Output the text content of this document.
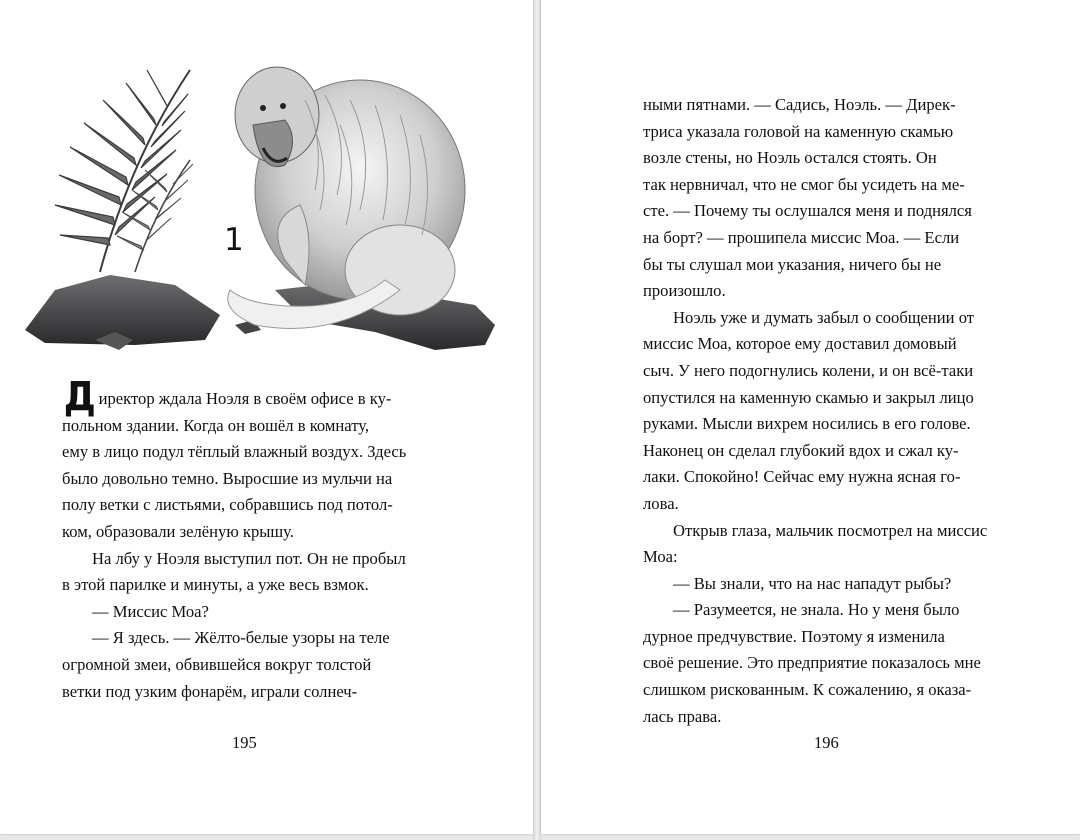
1
Директор ждала Ноэля в своём офисе в ку-
польном здании. Когда он вошёл в комнату,
ему в лицо подул тёплый влажный воздух. Здесь
было довольно темно. Выросшие из мульчи на
полу ветки с листьями, собравшись под потол-
ком, образовали зелёную крышу.
На лбу у Ноэля выступил пот. Он не пробыл
в этой парилке и минуты, а уже весь взмок.
— Миссис Моа?
— Я здесь. — Жёлто-белые узоры на теле
огромной змеи, обвившейся вокруг толстой
ветки под узким фонарём, играли солнеч-
ными пятнами. — Садись, Ноэль. — Дирек-
триса указала головой на каменную скамью
возле стены, но Ноэль остался стоять. Он
так нервничал, что не смог бы усидеть на ме-
сте. — Почему ты ослушался меня и поднялся
на борт? — прошипела миссис Моа. — Если
бы ты слушал мои указания, ничего бы не
произошло.
Ноэль уже и думать забыл о сообщении от
миссис Моа, которое ему доставил домовый
сыч. У него подогнулись колени, и он всё-таки
опустился на каменную скамью и закрыл лицо
руками. Мысли вихрем носились в его голове.
Наконец он сделал глубокий вдох и сжал ку-
лаки. Спокойно! Сейчас ему нужна ясная го-
лова.
Открыв глаза, мальчик посмотрел на миссис
Моа:
— Вы знали, что на нас нападут рыбы?
— Разумеется, не знала. Но у меня было
дурное предчувствие. Поэтому я изменила
своё решение. Это предприятие показалось мне
слишком рискованным. К сожалению, я оказа-
лась права.
195	196
